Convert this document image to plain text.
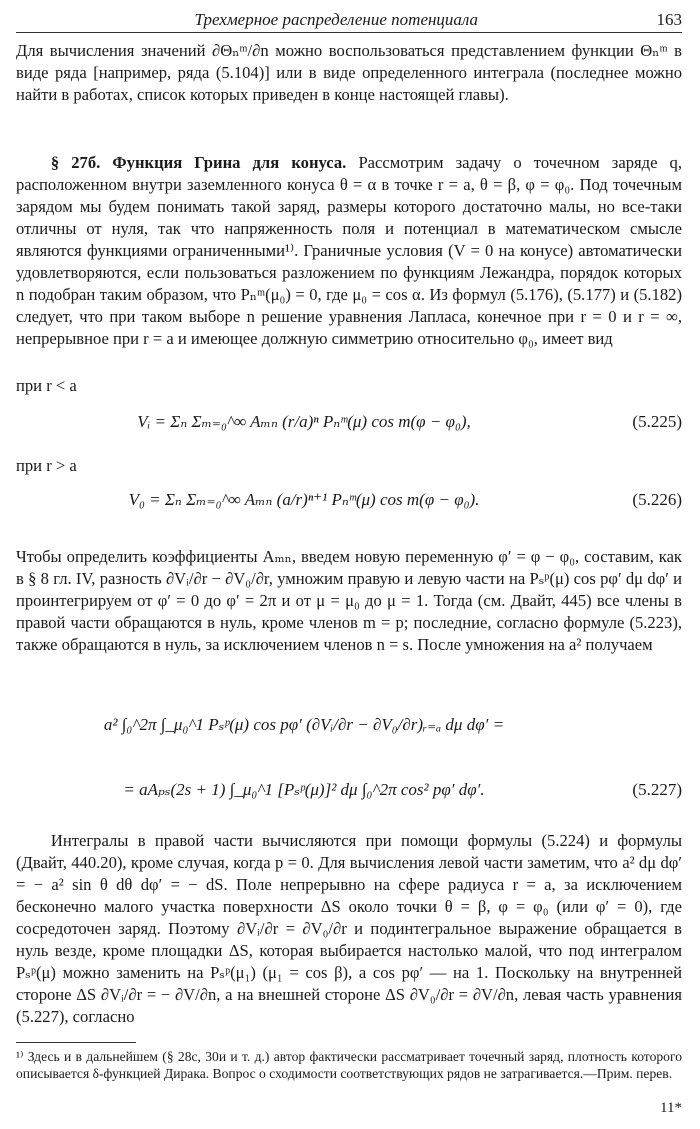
Трехмерное распределение потенциала	163

Для вычисления значений ∂Θₙᵐ/∂n можно воспользоваться представлением функции Θₙᵐ в виде ряда [например, ряда (5.104)] или в виде определенного интеграла (последнее можно найти в работах, список которых приведен в конце настоящей главы).

§ 27б. Функция Грина для конуса. Рассмотрим задачу о точечном заряде q, расположенном внутри заземленного конуса θ = α в точке r = a, θ = β, φ = φ₀. Под точечным зарядом мы будем понимать такой заряд, размеры которого достаточно малы, но все-таки отличны от нуля, так что напряженность поля и потенциал в математическом смысле являются функциями ограниченными¹⁾. Граничные условия (V = 0 на конусе) автоматически удовлетворяются, если пользоваться разложением по функциям Лежандра, порядок которых n подобран таким образом, что Pₙᵐ(μ₀) = 0, где μ₀ = cos α. Из формул (5.176), (5.177) и (5.182) следует, что при таком выборе n решение уравнения Лапласа, конечное при r = 0 и r = ∞, непрерывное при r = a и имеющее должную симметрию относительно φ₀, имеет вид

при r < a
Vᵢ = Σₙ Σₘ₌₀^∞ Aₘₙ (r/a)ⁿ Pₙᵐ(μ) cos m(φ − φ₀),	(5.225)
при r > a
V₀ = Σₙ Σₘ₌₀^∞ Aₘₙ (a/r)ⁿ⁺¹ Pₙᵐ(μ) cos m(φ − φ₀).	(5.226)

Чтобы определить коэффициенты Aₘₙ, введем новую переменную φ′ = φ − φ₀, составим, как в § 8 гл. IV, разность ∂Vᵢ/∂r − ∂V₀/∂r, умножим правую и левую части на Pₛᵖ(μ) cos pφ′ dμ dφ′ и проинтегрируем от φ′ = 0 до φ′ = 2π и от μ = μ₀ до μ = 1. Тогда (см. Двайт, 445) все члены в правой части обращаются в нуль, кроме членов m = p; последние, согласно формуле (5.223), также обращаются в нуль, за исключением членов n = s. После умножения на a² получаем

a² ∫₀^2π ∫_μ₀^1 Pₛᵖ(μ) cos pφ′ (∂Vᵢ/∂r − ∂V₀/∂r)ᵣ₌ₐ dμ dφ′ =
= aAₚₛ(2s + 1) ∫_μ₀^1 [Pₛᵖ(μ)]² dμ ∫₀^2π cos² pφ′ dφ′.	(5.227)

Интегралы в правой части вычисляются при помощи формулы (5.224) и формулы (Двайт, 440.20), кроме случая, когда p = 0. Для вычисления левой части заметим, что a² dμ dφ′ = − a² sin θ dθ dφ′ = − dS. Поле непрерывно на сфере радиуса r = a, за исключением бесконечно малого участка поверхности ΔS около точки θ = β, φ = φ₀ (или φ′ = 0), где сосредоточен заряд. Поэтому ∂Vᵢ/∂r = ∂V₀/∂r и подинтегральное выражение обращается в нуль везде, кроме площадки ΔS, которая выбирается настолько малой, что под интегралом Pₛᵖ(μ) можно заменить на Pₛᵖ(μ₁) (μ₁ = cos β), а cos pφ′ — на 1. Поскольку на внутренней стороне ΔS ∂Vᵢ/∂r = − ∂V/∂n, а на внешней стороне ΔS ∂V₀/∂r = ∂V/∂n, левая часть уравнения (5.227), согласно

¹⁾ Здесь и в дальнейшем (§ 28с, 30и и т. д.) автор фактически рассматривает точечный заряд, плотность которого описывается δ-функцией Дирака. Вопрос о сходимости соответствующих рядов не затрагивается.—Прим. перев.
11*
